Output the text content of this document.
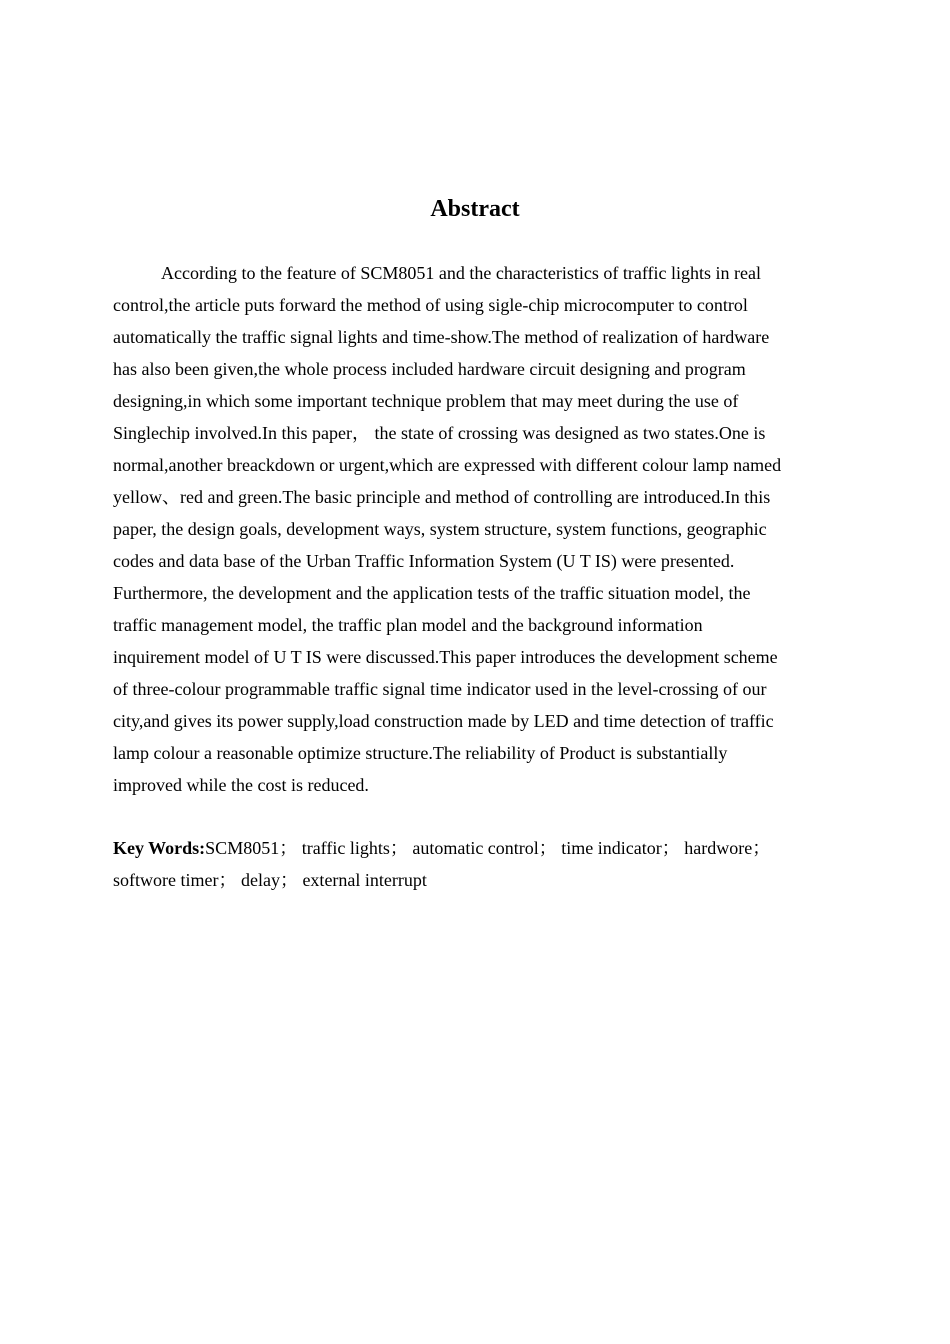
Abstract
According to the feature of SCM8051 and the characteristics of traffic lights in real
control,the article puts forward the method of using sigle-chip microcomputer to control
automatically the traffic signal lights and time-show.The method of realization of hardware
has also been given,the whole process included hardware circuit designing and program
designing,in which some important technique problem that may meet during the use of
Singlechip involved.In this paper， the state of crossing was designed as two states.One is
normal,another breackdown or urgent,which are expressed with different colour lamp named
yellow、red and green.The basic principle and method of controlling are introduced.In this
paper, the design goals, development ways, system structure, system functions, geographic
codes and data base of the Urban Traffic Information System (U T IS) were presented.
Furthermore, the development and the application tests of the traffic situation model, the
traffic management model, the traffic plan model and the background information
inquirement model of U T IS were discussed.This paper introduces the development scheme
of three-colour programmable traffic signal time indicator used in the level-crossing of our
city,and gives its power supply,load construction made by LED and time detection of traffic
lamp colour a reasonable optimize structure.The reliability of Product is substantially
improved while the cost is reduced.
Key Words:SCM8051； traffic lights； automatic control； time indicator； hardwore；
softwore timer； delay； external interrupt
